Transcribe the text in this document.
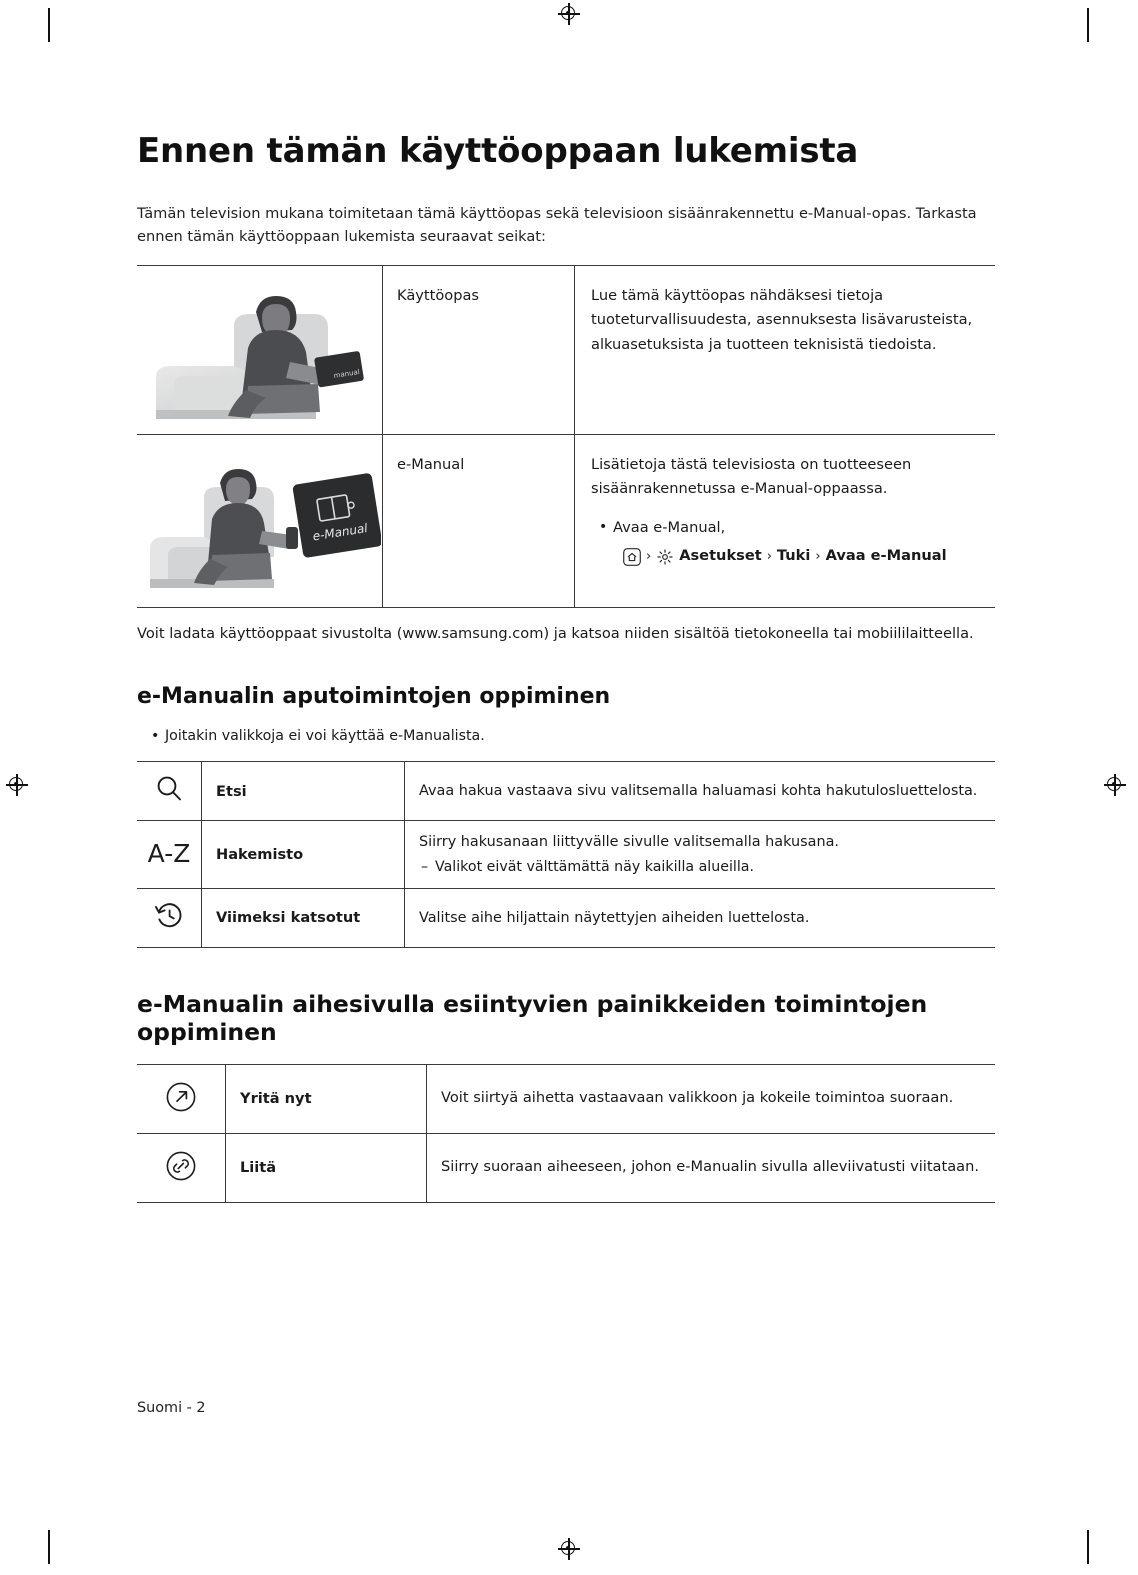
Ennen tämän käyttöoppaan lukemista

Tämän television mukana toimitetaan tämä käyttöopas sekä televisioon sisäänrakennettu e-Manual-opas. Tarkasta ennen tämän käyttöoppaan lukemista seuraavat seikat:

manual	Käyttöopas	Lue tämä käyttöopas nähdäksesi tietoja tuoteturvallisuudesta, asennuksesta lisävarusteista, alkuasetuksista ja tuotteen teknisistä tiedoista.

e-Manual
	e-Manual	Lisätietoja tästä televisiosta on tuotteeseen sisäänrakennetussa e-Manual-oppaassa.
• Avaa e-Manual,
› Asetukset › Tuki › Avaa e-Manual

Voit ladata käyttöoppaat sivustolta (www.samsung.com) ja katsoa niiden sisältöä tietokoneella tai mobiililaitteella.

e-Manualin aputoimintojen oppiminen
• Joitakin valikkoja ei voi käyttää e-Manualista.
	Etsi	Avaa hakua vastaava sivu valitsemalla haluamasi kohta hakutulosluettelosta.

A-Z	Hakemisto	Siirry hakusanaan liittyvälle sivulle valitsemalla hakusana.
– Valikot eivät välttämättä näy kaikilla alueilla.

	Viimeksi katsotut	Valitse aihe hiljattain näytettyjen aiheiden luettelosta.
e-Manualin aihesivulla esiintyvien painikkeiden toimintojen oppiminen
	Yritä nyt	Voit siirtyä aihetta vastaavaan valikkoon ja kokeile toimintoa suoraan.
	Liitä	Siirry suoraan aiheeseen, johon e-Manualin sivulla alleviivatusti viitataan.
Suomi - 2
